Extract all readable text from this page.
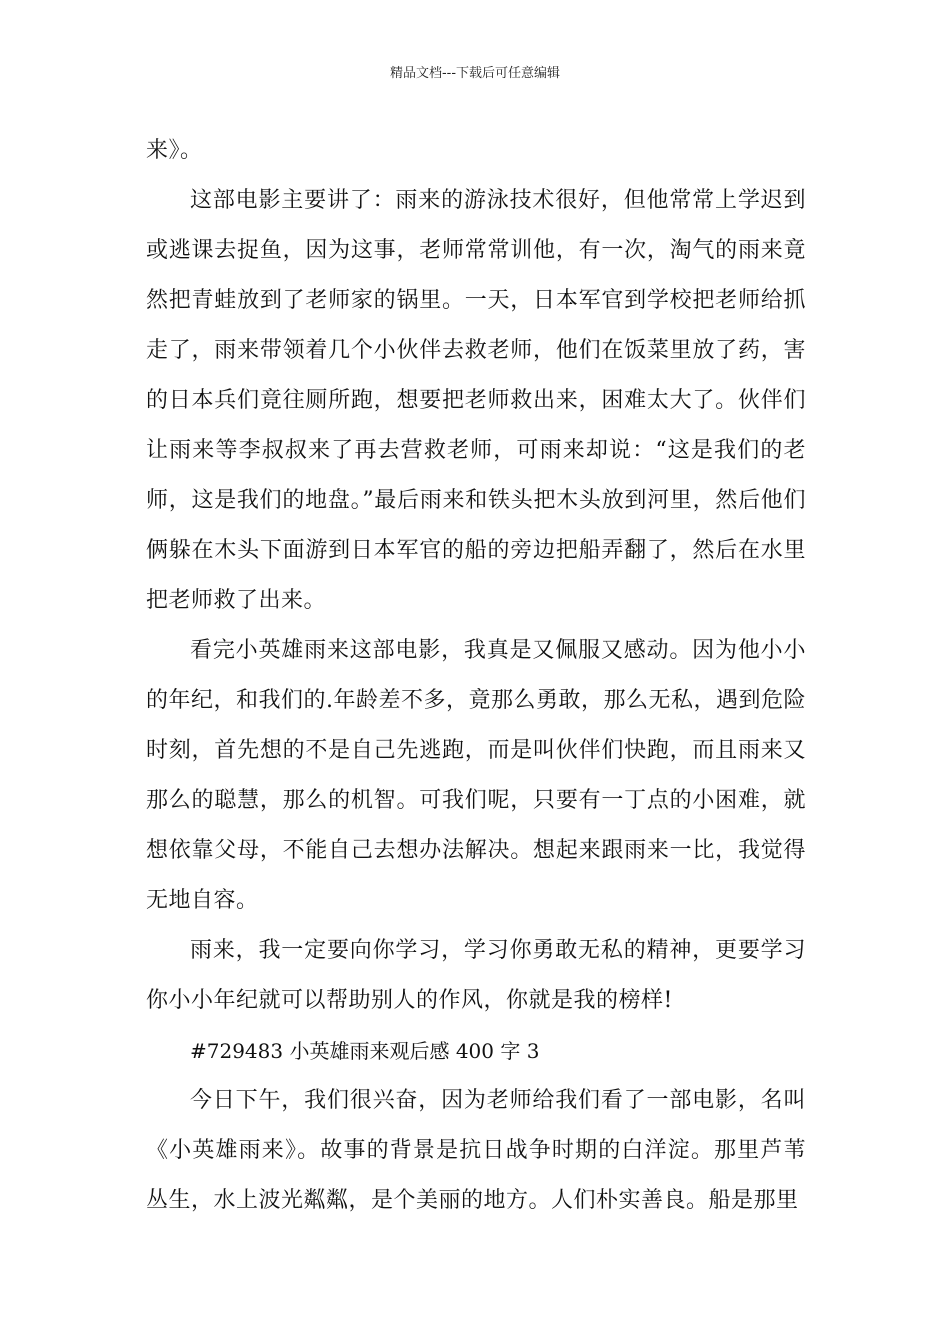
精品文档---下载后可任意编辑

来》。

这部电影主要讲了：雨来的游泳技术很好，但他常常上学迟到或逃课去捉鱼，因为这事，老师常常训他，有一次，淘气的雨来竟然把青蛙放到了老师家的锅里。一天，日本军官到学校把老师给抓走了，雨来带领着几个小伙伴去救老师，他们在饭菜里放了药，害的日本兵们竟往厕所跑，想要把老师救出来，困难太大了。伙伴们让雨来等李叔叔来了再去营救老师，可雨来却说：“这是我们的老师，这是我们的地盘。”最后雨来和铁头把木头放到河里，然后他们俩躲在木头下面游到日本军官的船的旁边把船弄翻了，然后在水里把老师救了出来。

看完小英雄雨来这部电影，我真是又佩服又感动。因为他小小的年纪，和我们的.年龄差不多，竟那么勇敢，那么无私，遇到危险时刻，首先想的不是自己先逃跑，而是叫伙伴们快跑，而且雨来又那么的聪慧，那么的机智。可我们呢，只要有一丁点的小困难，就想依靠父母，不能自己去想办法解决。想起来跟雨来一比，我觉得无地自容。

雨来，我一定要向你学习，学习你勇敢无私的精神，更要学习你小小年纪就可以帮助别人的作风，你就是我的榜样!

#729483 小英雄雨来观后感 400 字 3

今日下午，我们很兴奋，因为老师给我们看了一部电影，名叫《小英雄雨来》。故事的背景是抗日战争时期的白洋淀。那里芦苇丛生，水上波光粼粼，是个美丽的地方。人们朴实善良。船是那里
